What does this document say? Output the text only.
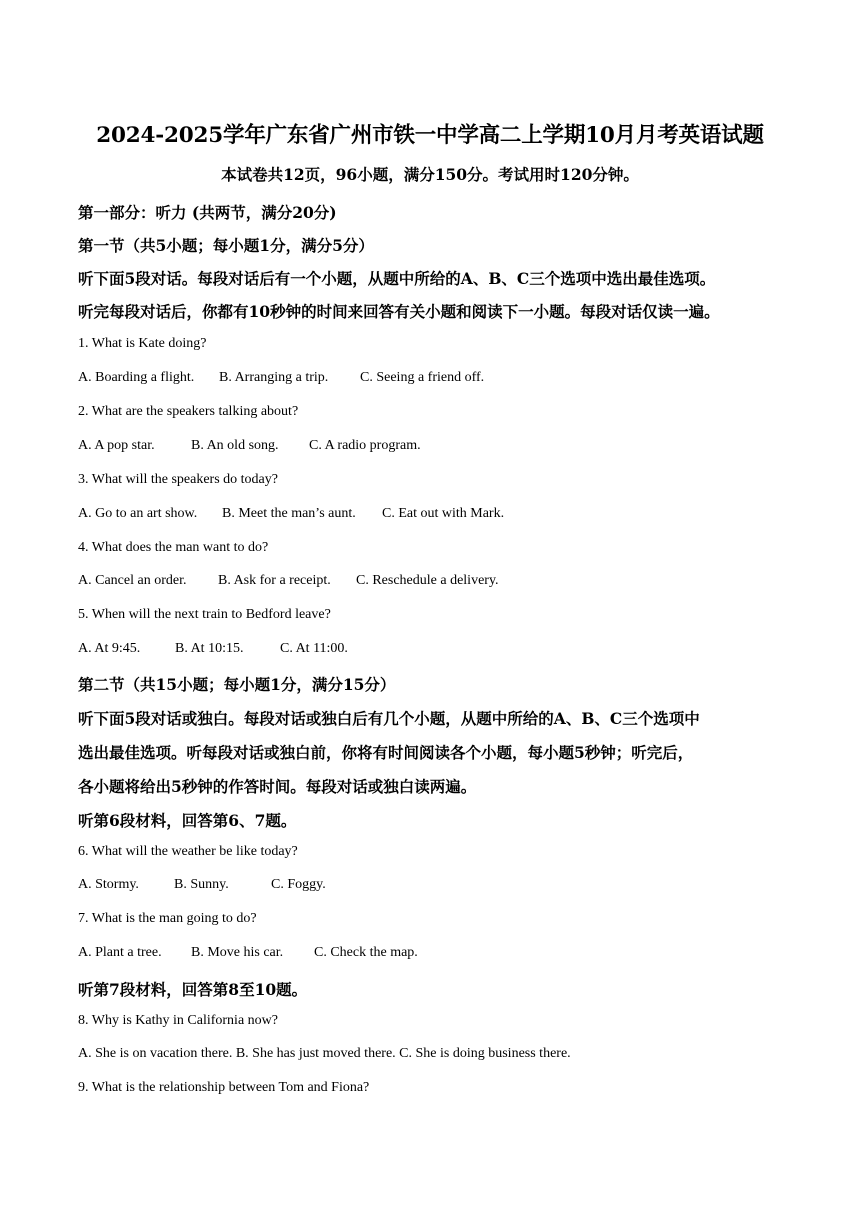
2024-2025学年广东省广州市铁一中学高二上学期10月月考英语试题
本试卷共12页，96小题，满分150分。考试用时120分钟。
第一部分：听力 (共两节，满分20分)
第一节（共5小题；每小题1分，满分5分）
听下面5段对话。每段对话后有一个小题，从题中所给的A、B、C三个选项中选出最佳选项。
听完每段对话后，你都有10秒钟的时间来回答有关小题和阅读下一小题。每段对话仅读一遍。
1. What is Kate doing?
A. Boarding a flight. B. Arranging a trip. C. Seeing a friend off.
2. What are the speakers talking about?
A. A pop star.	B. An old song. C. A radio program.
3. What will the speakers do today?
A. Go to an art show. B. Meet the man’s aunt. C. Eat out with Mark.
4. What does the man want to do?
A. Cancel an order. B. Ask for a receipt. C. Reschedule a delivery.
5. When will the next train to Bedford leave?
A. At 9:45. B. At 10:15.	C. At 11:00.
第二节（共15小题；每小题1分，满分15分）
听下面5段对话或独白。每段对话或独白后有几个小题，从题中所给的A、B、C三个选项中
选出最佳选项。听每段对话或独白前，你将有时间阅读各个小题，每小题5秒钟；听完后，
各小题将给出5秒钟的作答时间。每段对话或独白读两遍。
听第6段材料，回答第6、7题。
6. What will the weather be like today?
A. Stormy.	B. Sunny.	C. Foggy.
7. What is the man going to do?
A. Plant a tree. B. Move his car. C. Check the map.
听第7段材料，回答第8至10题。
8. Why is Kathy in California now?
A. She is on vacation there. B. She has just moved there. C. She is doing business there.
9. What is the relationship between Tom and Fiona?
